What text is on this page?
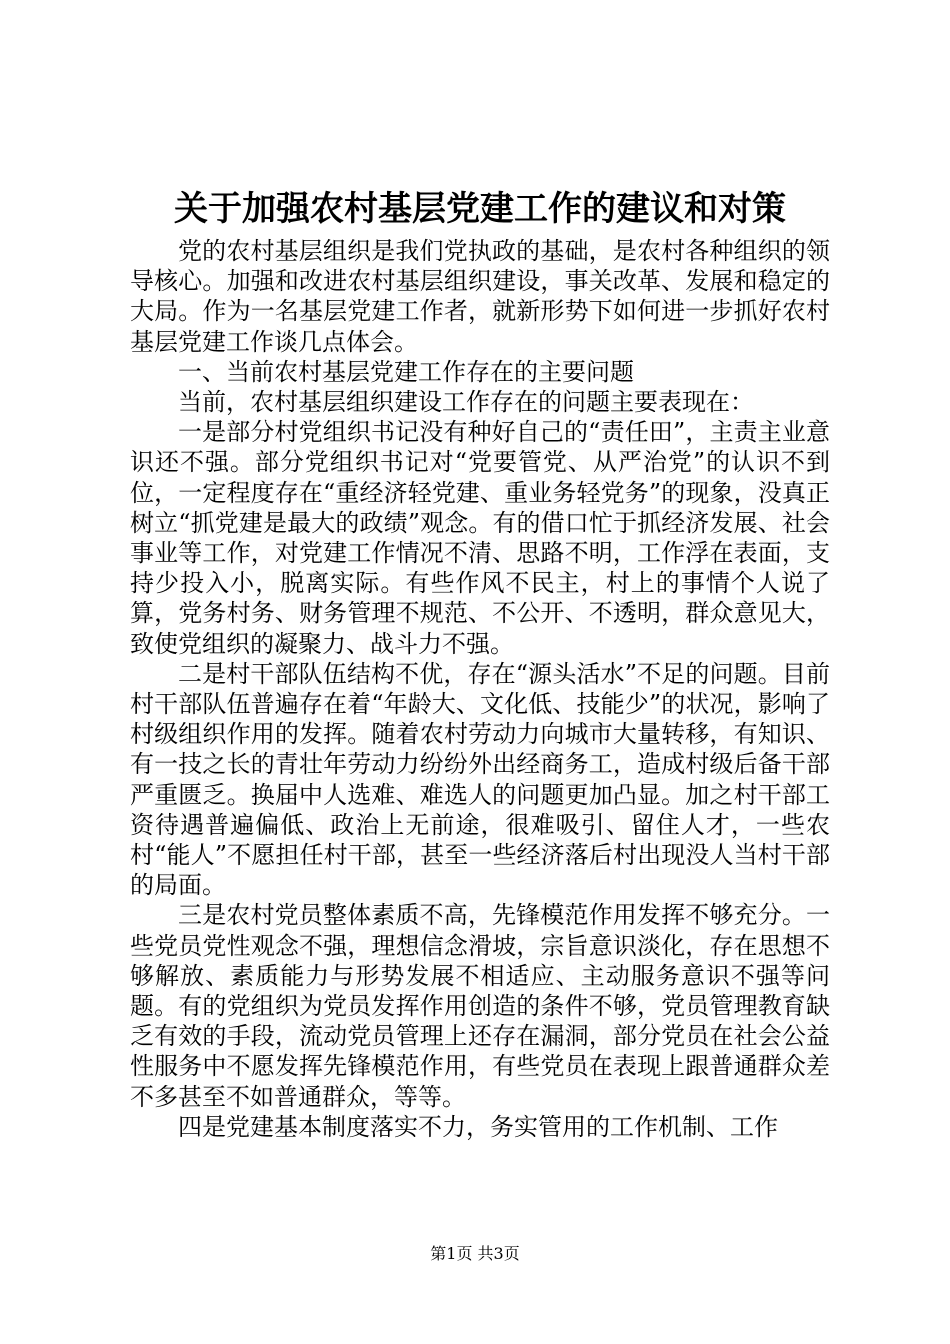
关于加强农村基层党建工作的建议和对策

党的农村基层组织是我们党执政的基础，是农村各种组织的领导核心。加强和改进农村基层组织建设，事关改革、发展和稳定的大局。作为一名基层党建工作者，就新形势下如何进一步抓好农村基层党建工作谈几点体会。

一、当前农村基层党建工作存在的主要问题

当前，农村基层组织建设工作存在的问题主要表现在：

一是部分村党组织书记没有种好自己的“责任田”，主责主业意识还不强。部分党组织书记对“党要管党、从严治党”的认识不到位，一定程度存在“重经济轻党建、重业务轻党务”的现象，没真正树立“抓党建是最大的政绩”观念。有的借口忙于抓经济发展、社会事业等工作，对党建工作情况不清、思路不明，工作浮在表面，支持少投入小，脱离实际。有些作风不民主，村上的事情个人说了算，党务村务、财务管理不规范、不公开、不透明，群众意见大，致使党组织的凝聚力、战斗力不强。

二是村干部队伍结构不优，存在“源头活水”不足的问题。目前村干部队伍普遍存在着“年龄大、文化低、技能少”的状况，影响了村级组织作用的发挥。随着农村劳动力向城市大量转移，有知识、有一技之长的青壮年劳动力纷纷外出经商务工，造成村级后备干部严重匮乏。换届中人选难、难选人的问题更加凸显。加之村干部工资待遇普遍偏低、政治上无前途，很难吸引、留住人才，一些农村“能人”不愿担任村干部，甚至一些经济落后村出现没人当村干部的局面。

三是农村党员整体素质不高，先锋模范作用发挥不够充分。一些党员党性观念不强，理想信念滑坡，宗旨意识淡化，存在思想不够解放、素质能力与形势发展不相适应、主动服务意识不强等问题。有的党组织为党员发挥作用创造的条件不够，党员管理教育缺乏有效的手段，流动党员管理上还存在漏洞，部分党员在社会公益性服务中不愿发挥先锋模范作用，有些党员在表现上跟普通群众差不多甚至不如普通群众，等等。

四是党建基本制度落实不力，务实管用的工作机制、工作

第1页 共3页
